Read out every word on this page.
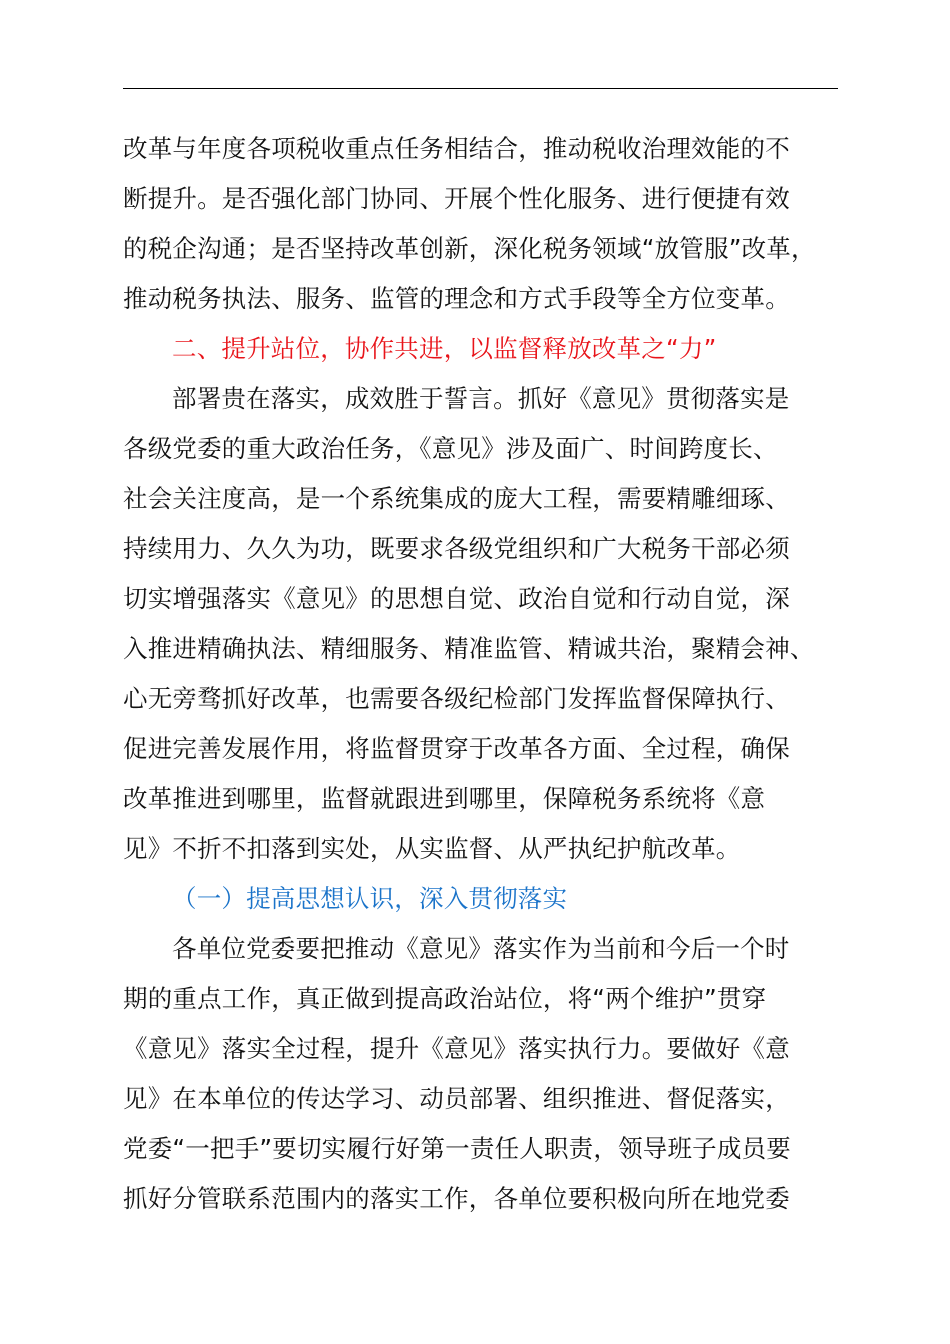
改革与年度各项税收重点任务相结合，推动税收治理效能的不
断提升。是否强化部门协同、开展个性化服务、进行便捷有效
的税企沟通；是否坚持改革创新，深化税务领域“放管服”改革，
推动税务执法、服务、监管的理念和方式手段等全方位变革。
二、提升站位，协作共进，以监督释放改革之“力”
部署贵在落实，成效胜于誓言。抓好《意见》贯彻落实是
各级党委的重大政治任务，《意见》涉及面广、时间跨度长、
社会关注度高，是一个系统集成的庞大工程，需要精雕细琢、
持续用力、久久为功，既要求各级党组织和广大税务干部必须
切实增强落实《意见》的思想自觉、政治自觉和行动自觉，深
入推进精确执法、精细服务、精准监管、精诚共治，聚精会神、
心无旁骛抓好改革，也需要各级纪检部门发挥监督保障执行、
促进完善发展作用，将监督贯穿于改革各方面、全过程，确保
改革推进到哪里，监督就跟进到哪里，保障税务系统将《意
见》不折不扣落到实处，从实监督、从严执纪护航改革。
（一）提高思想认识，深入贯彻落实
各单位党委要把推动《意见》落实作为当前和今后一个时
期的重点工作，真正做到提高政治站位，将“两个维护”贯穿
《意见》落实全过程，提升《意见》落实执行力。要做好《意
见》在本单位的传达学习、动员部署、组织推进、督促落实，
党委“一把手”要切实履行好第一责任人职责，领导班子成员要
抓好分管联系范围内的落实工作，各单位要积极向所在地党委
